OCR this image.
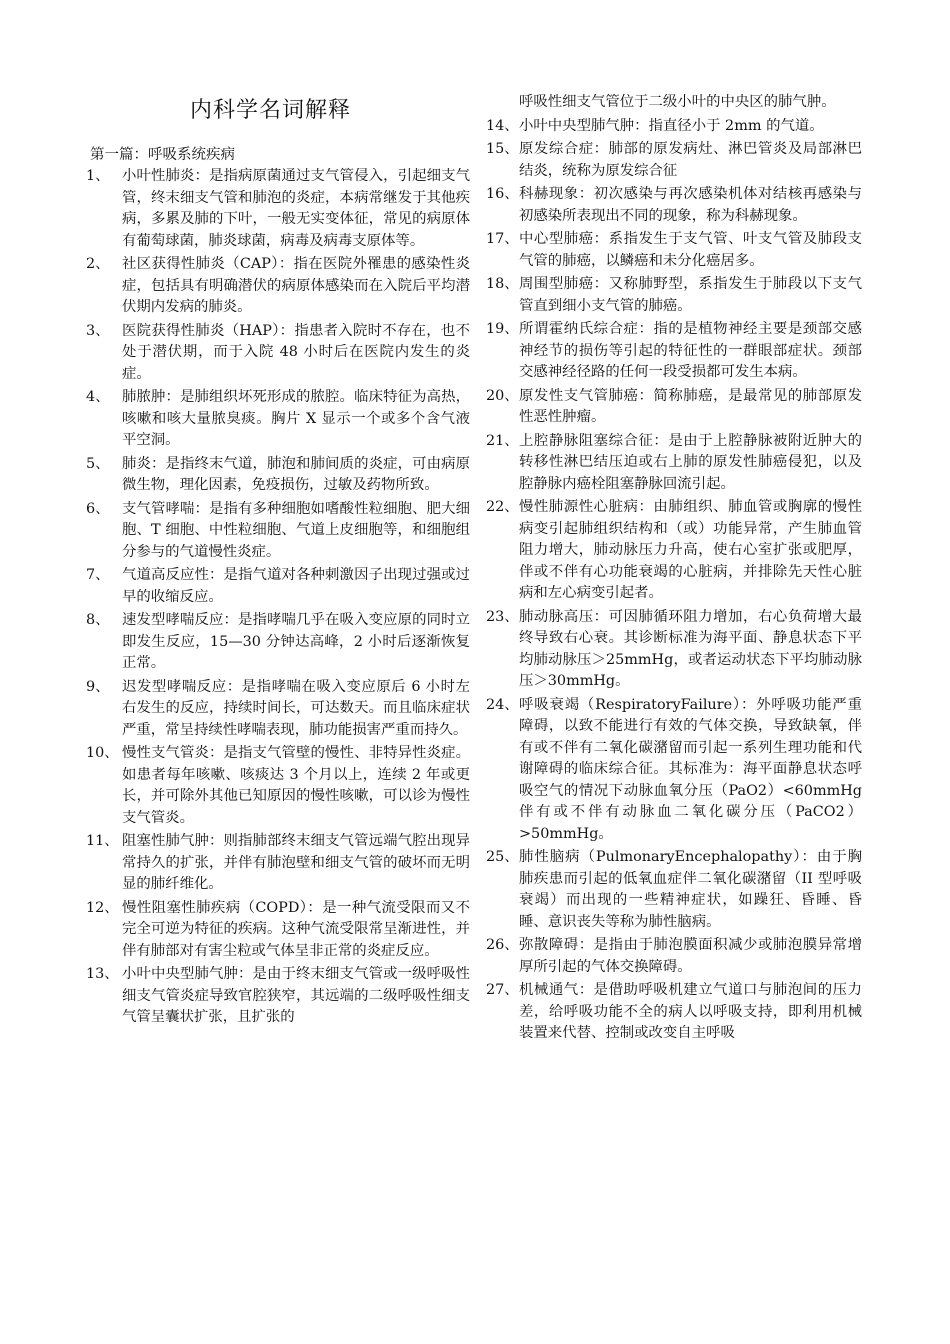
内科学名词解释
第一篇：呼吸系统疾病
1、 小叶性肺炎：是指病原菌通过支气管侵入，引起细支气管，终末细支气管和肺泡的炎症，本病常继发于其他疾病，多累及肺的下叶，一般无实变体征，常见的病原体有葡萄球菌，肺炎球菌，病毒及病毒支原体等。
2、 社区获得性肺炎（CAP）：指在医院外罹患的感染性炎症，包括具有明确潜伏的病原体感染而在入院后平均潜伏期内发病的肺炎。
3、 医院获得性肺炎（HAP）：指患者入院时不存在，也不处于潜伏期，而于入院 48 小时后在医院内发生的炎症。
4、 肺脓肿：是肺组织坏死形成的脓腔。临床特征为高热，咳嗽和咳大量脓臭痰。胸片 X 显示一个或多个含气液平空洞。
5、 肺炎：是指终末气道，肺泡和肺间质的炎症，可由病原微生物，理化因素，免疫损伤，过敏及药物所致。
6、 支气管哮喘：是指有多种细胞如嗜酸性粒细胞、肥大细胞、T 细胞、中性粒细胞、气道上皮细胞等，和细胞组分参与的气道慢性炎症。
7、 气道高反应性：是指气道对各种刺激因子出现过强或过早的收缩反应。
8、 速发型哮喘反应：是指哮喘几乎在吸入变应原的同时立即发生反应，15—30 分钟达高峰，2 小时后逐渐恢复正常。
9、 迟发型哮喘反应：是指哮喘在吸入变应原后 6 小时左右发生的反应，持续时间长，可达数天。而且临床症状严重，常呈持续性哮喘表现，肺功能损害严重而持久。
10、 慢性支气管炎：是指支气管壁的慢性、非特异性炎症。如患者每年咳嗽、咳痰达 3 个月以上，连续 2 年或更长，并可除外其他已知原因的慢性咳嗽，可以诊为慢性支气管炎。
11、 阻塞性肺气肿：则指肺部终末细支气管远端气腔出现异常持久的扩张，并伴有肺泡壁和细支气管的破坏而无明显的肺纤维化。
12、 慢性阻塞性肺疾病（COPD）：是一种气流受限而又不完全可逆为特征的疾病。这种气流受限常呈渐进性，并伴有肺部对有害尘粒或气体呈非正常的炎症反应。
13、 小叶中央型肺气肿：是由于终末细支气管或一级呼吸性细支气管炎症导致官腔狭窄，其远端的二级呼吸性细支气管呈囊状扩张，且扩张的
呼吸性细支气管位于二级小叶的中央区的肺气肿。
14、 小叶中央型肺气肿：指直径小于 2mm 的气道。
15、 原发综合症：肺部的原发病灶、淋巴管炎及局部淋巴结炎，统称为原发综合征
16、 科赫现象：初次感染与再次感染机体对结核再感染与初感染所表现出不同的现象，称为科赫现象。
17、 中心型肺癌：系指发生于支气管、叶支气管及肺段支气管的肺癌，以鳞癌和未分化癌居多。
18、 周围型肺癌：又称肺野型，系指发生于肺段以下支气管直到细小支气管的肺癌。
19、 所谓霍纳氏综合症：指的是植物神经主要是颈部交感神经节的损伤等引起的特征性的一群眼部症状。颈部交感神经径路的任何一段受损都可发生本病。
20、 原发性支气管肺癌：简称肺癌，是最常见的肺部原发性恶性肿瘤。
21、 上腔静脉阻塞综合征：是由于上腔静脉被附近肿大的转移性淋巴结压迫或右上肺的原发性肺癌侵犯，以及腔静脉内癌栓阻塞静脉回流引起。
22、 慢性肺源性心脏病：由肺组织、肺血管或胸廓的慢性病变引起肺组织结构和（或）功能异常，产生肺血管阻力增大，肺动脉压力升高，使右心室扩张或肥厚，伴或不伴有心功能衰竭的心脏病，并排除先天性心脏病和左心病变引起者。
23、 肺动脉高压：可因肺循环阻力增加，右心负荷增大最终导致右心衰。其诊断标准为海平面、静息状态下平均肺动脉压＞25mmHg，或者运动状态下平均肺动脉压＞30mmHg。
24、 呼吸衰竭（RespiratoryFailure）：外呼吸功能严重障碍，以致不能进行有效的气体交换，导致缺氧，伴有或不伴有二氧化碳潴留而引起一系列生理功能和代谢障碍的临床综合征。其标准为：海平面静息状态呼吸空气的情况下动脉血氧分压（PaO2）<60mmHg 伴有或不伴有动脉血二氧化碳分压（PaCO2）>50mmHg。
25、 肺性脑病（PulmonaryEncephalopathy）：由于胸肺疾患而引起的低氧血症伴二氧化碳潴留（II 型呼吸衰竭）而出现的一些精神症状，如躁狂、昏睡、昏睡、意识丧失等称为肺性脑病。
26、 弥散障碍：是指由于肺泡膜面积减少或肺泡膜异常增厚所引起的气体交换障碍。
27、 机械通气：是借助呼吸机建立气道口与肺泡间的压力差，给呼吸功能不全的病人以呼吸支持，即利用机械装置来代替、控制或改变自主呼吸
